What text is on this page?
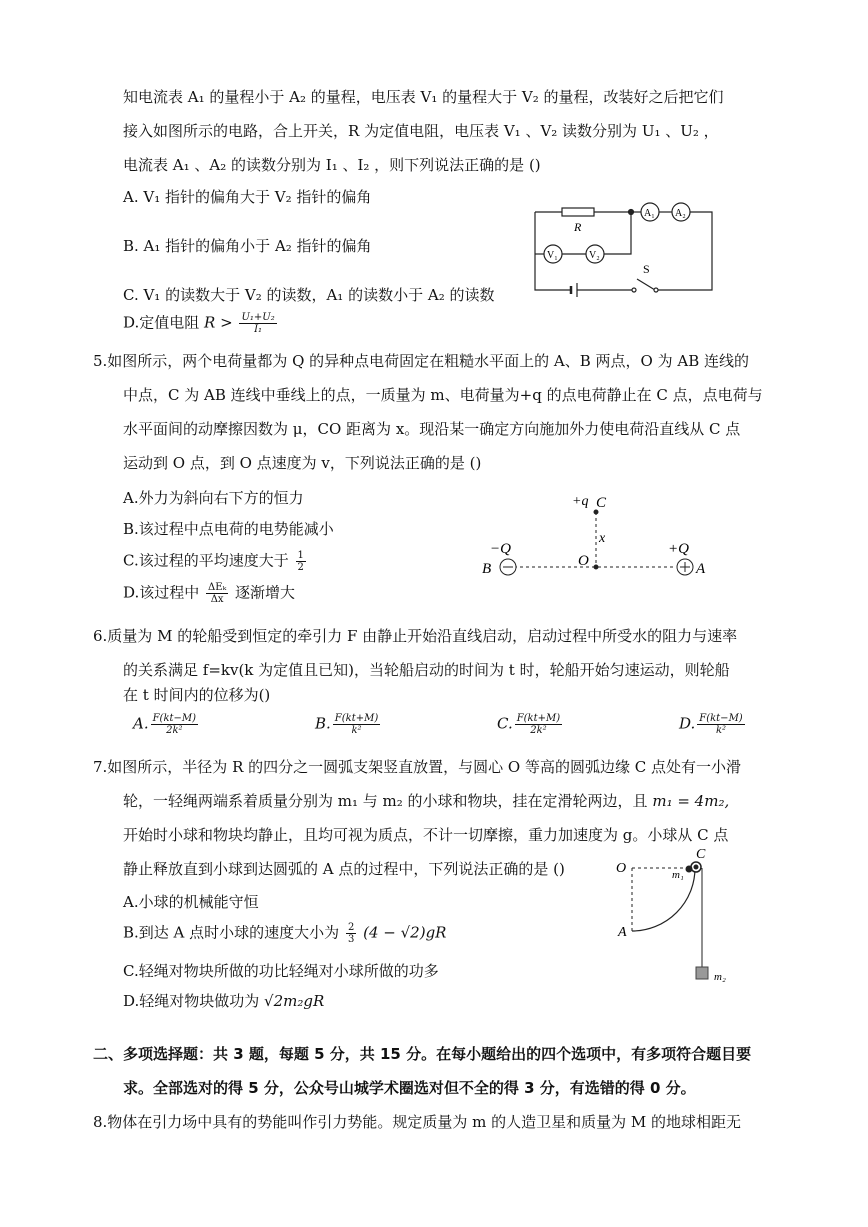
知电流表 A₁ 的量程小于 A₂ 的量程，电压表 V₁ 的量程大于 V₂ 的量程，改装好之后把它们
接入如图所示的电路，合上开关，R 为定值电阻，电压表 V₁ 、V₂ 读数分别为 U₁ 、U₂ ，
电流表 A₁ 、A₂ 的读数分别为 I₁ 、I₂ ，则下列说法正确的是 ()
A. V₁ 指针的偏角大于 V₂ 指针的偏角
B. A₁ 指针的偏角小于 A₂ 指针的偏角
C. V₁ 的读数大于 V₂ 的读数，A₁ 的读数小于 A₂ 的读数
D.定值电阻 $R > \frac{\text{U₁+U₂}}{\text{I₁}}$
R
A₁ A₂
V₁	V₂
S
5.如图所示，两个电荷量都为 Q 的异种点电荷固定在粗糙水平面上的 A、B 两点，O 为 AB 连线的
中点，C 为 AB 连线中垂线上的点，一质量为 m、电荷量为+q 的点电荷静止在 C 点，点电荷与
水平面间的动摩擦因数为 μ，CO 距离为 x。现沿某一确定方向施加外力使电荷沿直线从 C 点
运动到 O 点，到 O 点速度为 v，下列说法正确的是 ()
A.外力为斜向右下方的恒力
B.该过程中点电荷的电势能减小
C.该过程的平均速度大于 $\frac{1}{2}$
D.该过程中 $\frac{\text{ΔEₖ}}{\Delta x}$ 逐渐增大
+q C
x
−Q	+Q
B	O	A
6.质量为 M 的轮船受到恒定的牵引力 F 由静止开始沿直线启动，启动过程中所受水的阻力与速率
的关系满足 f=kv(k 为定值且已知)，当轮船启动的时间为 t 时，轮船开始匀速运动，则轮船
在 t 时间内的位移为()
A. $\frac{F(kt-M)}{\text{2k²}}$	B. $\frac{F(kt+M)}{\text{k²}}$	C. $\frac{F(kt+M)}{\text{2k²}}$	D. $\frac{F(kt-M)}{\text{k²}}$
7.如图所示，半径为 R 的四分之一圆弧支架竖直放置，与圆心 O 等高的圆弧边缘 C 点处有一小滑
轮，一轻绳两端系着质量分别为 m₁ 与 m₂ 的小球和物块，挂在定滑轮两边，且 m₁ = 4m₂,
开始时小球和物块均静止，且均可视为质点，不计一切摩擦，重力加速度为 g。小球从 C 点
静止释放直到小球到达圆弧的 A 点的过程中，下列说法正确的是 ()
A.小球的机械能守恒
B.到达 A 点时小球的速度大小为 $\frac{2}{3} (4 - √2)gR$
C.轻绳对物块所做的功比轻绳对小球所做的功多
D.轻绳对物块做功为 √2m₂gR
O
C
m₁
A
m₂
二、多项选择题：共 3 题，每题 5 分，共 15 分。在每小题给出的四个选项中，有多项符合题目要
求。全部选对的得 5 分，公众号山城学术圈选对但不全的得 3 分，有选错的得 0 分。
8.物体在引力场中具有的势能叫作引力势能。规定质量为 m 的人造卫星和质量为 M 的地球相距无
